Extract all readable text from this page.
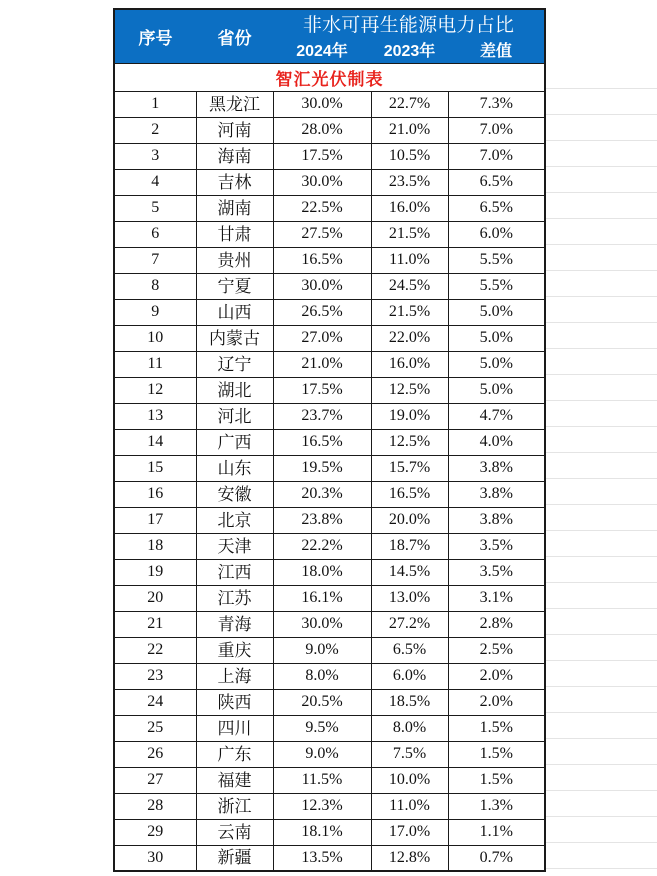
序号	省份	非水可再生能源电力占比		
		2024年	2023年	差值
智汇光伏制表				
1	黑龙江	30.0%	22.7%	7.3%
2	河南	28.0%	21.0%	7.0%
3	海南	17.5%	10.5%	7.0%
4	吉林	30.0%	23.5%	6.5%
5	湖南	22.5%	16.0%	6.5%
6	甘肃	27.5%	21.5%	6.0%
7	贵州	16.5%	11.0%	5.5%
8	宁夏	30.0%	24.5%	5.5%
9	山西	26.5%	21.5%	5.0%
10	内蒙古	27.0%	22.0%	5.0%
11	辽宁	21.0%	16.0%	5.0%
12	湖北	17.5%	12.5%	5.0%
13	河北	23.7%	19.0%	4.7%
14	广西	16.5%	12.5%	4.0%
15	山东	19.5%	15.7%	3.8%
16	安徽	20.3%	16.5%	3.8%
17	北京	23.8%	20.0%	3.8%
18	天津	22.2%	18.7%	3.5%
19	江西	18.0%	14.5%	3.5%
20	江苏	16.1%	13.0%	3.1%
21	青海	30.0%	27.2%	2.8%
22	重庆	9.0%	6.5%	2.5%
23	上海	8.0%	6.0%	2.0%
24	陕西	20.5%	18.5%	2.0%
25	四川	9.5%	8.0%	1.5%
26	广东	9.0%	7.5%	1.5%
27	福建	11.5%	10.0%	1.5%
28	浙江	12.3%	11.0%	1.3%
29	云南	18.1%	17.0%	1.1%
30	新疆	13.5%	12.8%	0.7%
